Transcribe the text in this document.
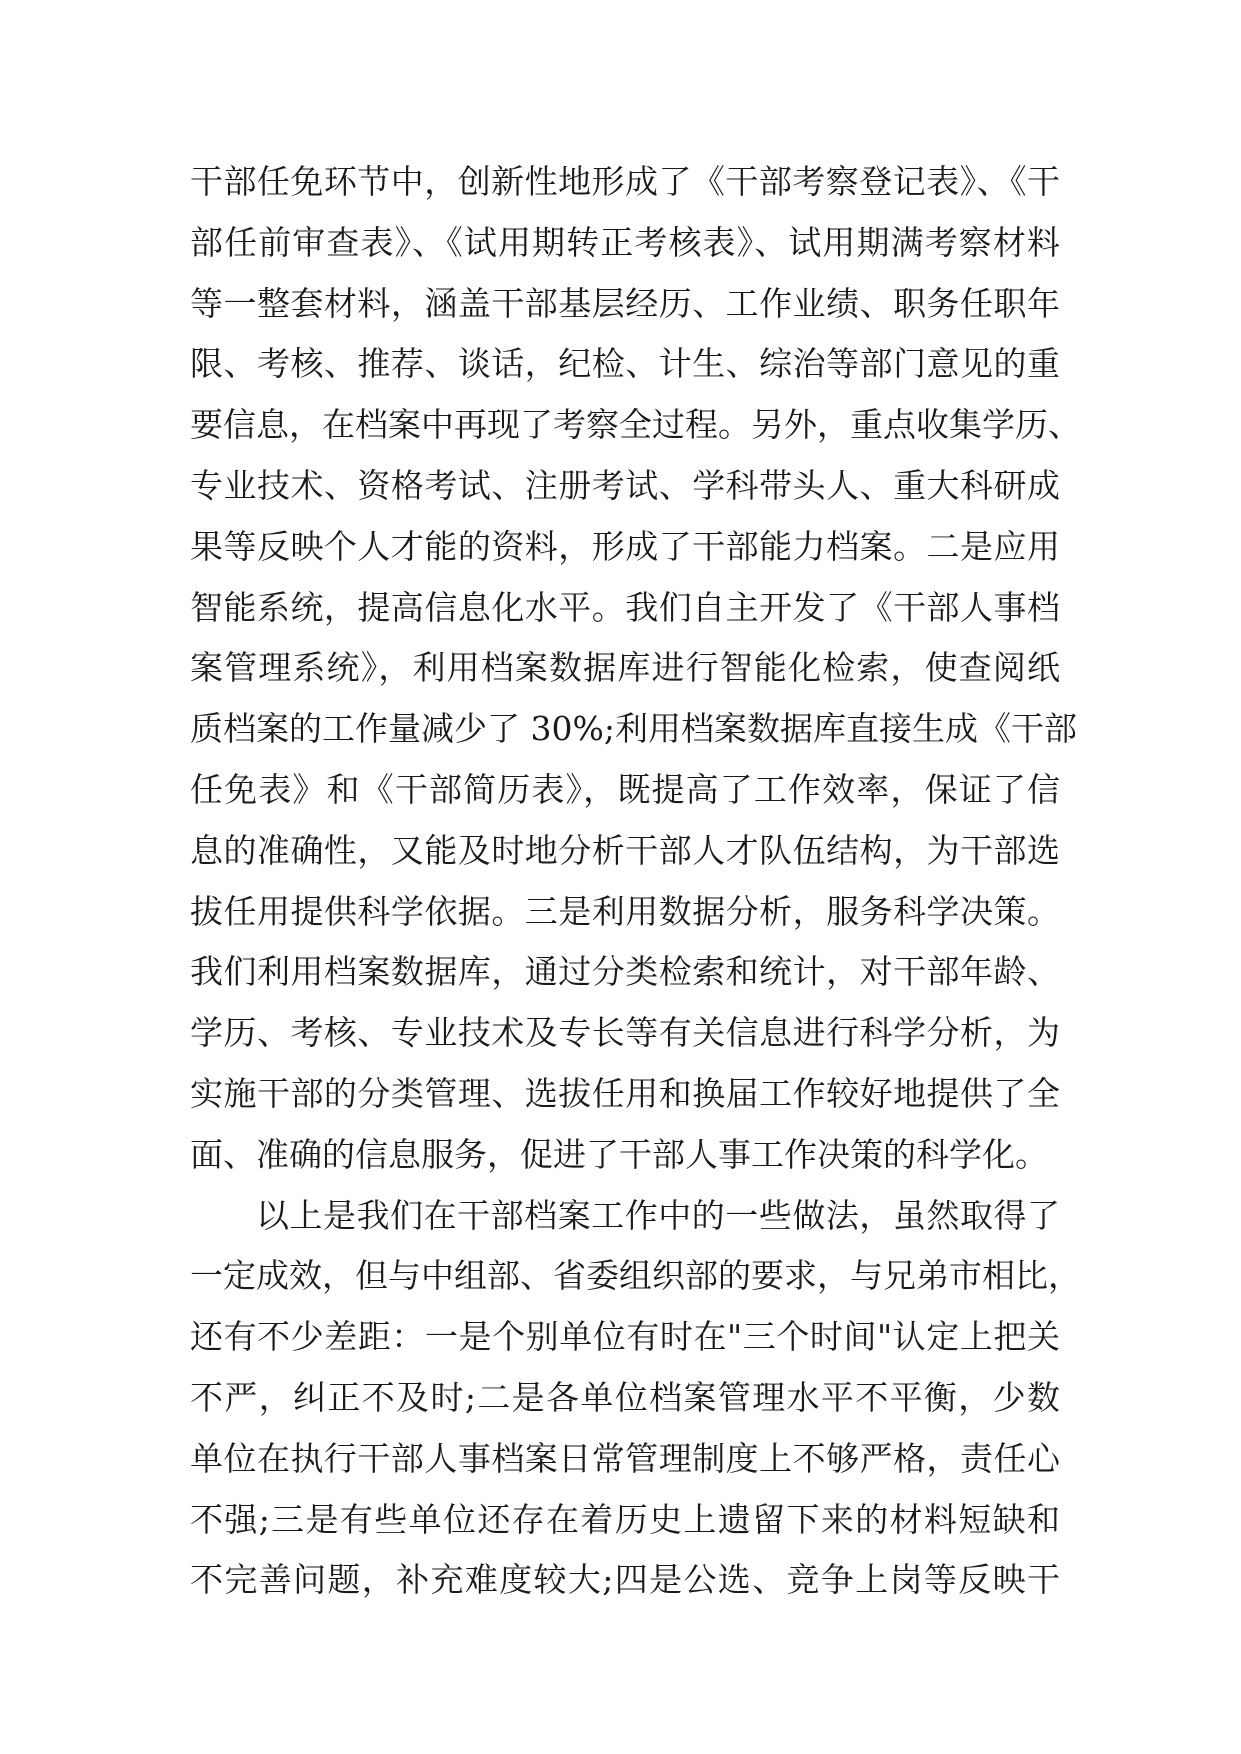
干部任免环节中，创新性地形成了《干部考察登记表》、《干
部任前审查表》、《试用期转正考核表》、试用期满考察材料
等一整套材料，涵盖干部基层经历、工作业绩、职务任职年
限、考核、推荐、谈话，纪检、计生、综治等部门意见的重
要信息，在档案中再现了考察全过程。另外，重点收集学历、
专业技术、资格考试、注册考试、学科带头人、重大科研成
果等反映个人才能的资料，形成了干部能力档案。二是应用
智能系统，提高信息化水平。我们自主开发了《干部人事档
案管理系统》，利用档案数据库进行智能化检索，使查阅纸
质档案的工作量减少了 30%;利用档案数据库直接生成《干部
任免表》和《干部简历表》，既提高了工作效率，保证了信
息的准确性，又能及时地分析干部人才队伍结构，为干部选
拔任用提供科学依据。三是利用数据分析，服务科学决策。
我们利用档案数据库，通过分类检索和统计，对干部年龄、
学历、考核、专业技术及专长等有关信息进行科学分析，为
实施干部的分类管理、选拔任用和换届工作较好地提供了全
面、准确的信息服务，促进了干部人事工作决策的科学化。
以上是我们在干部档案工作中的一些做法，虽然取得了
一定成效，但与中组部、省委组织部的要求，与兄弟市相比，
还有不少差距：一是个别单位有时在"三个时间"认定上把关
不严，纠正不及时;二是各单位档案管理水平不平衡，少数
单位在执行干部人事档案日常管理制度上不够严格，责任心
不强;三是有些单位还存在着历史上遗留下来的材料短缺和
不完善问题，补充难度较大;四是公选、竞争上岗等反映干
